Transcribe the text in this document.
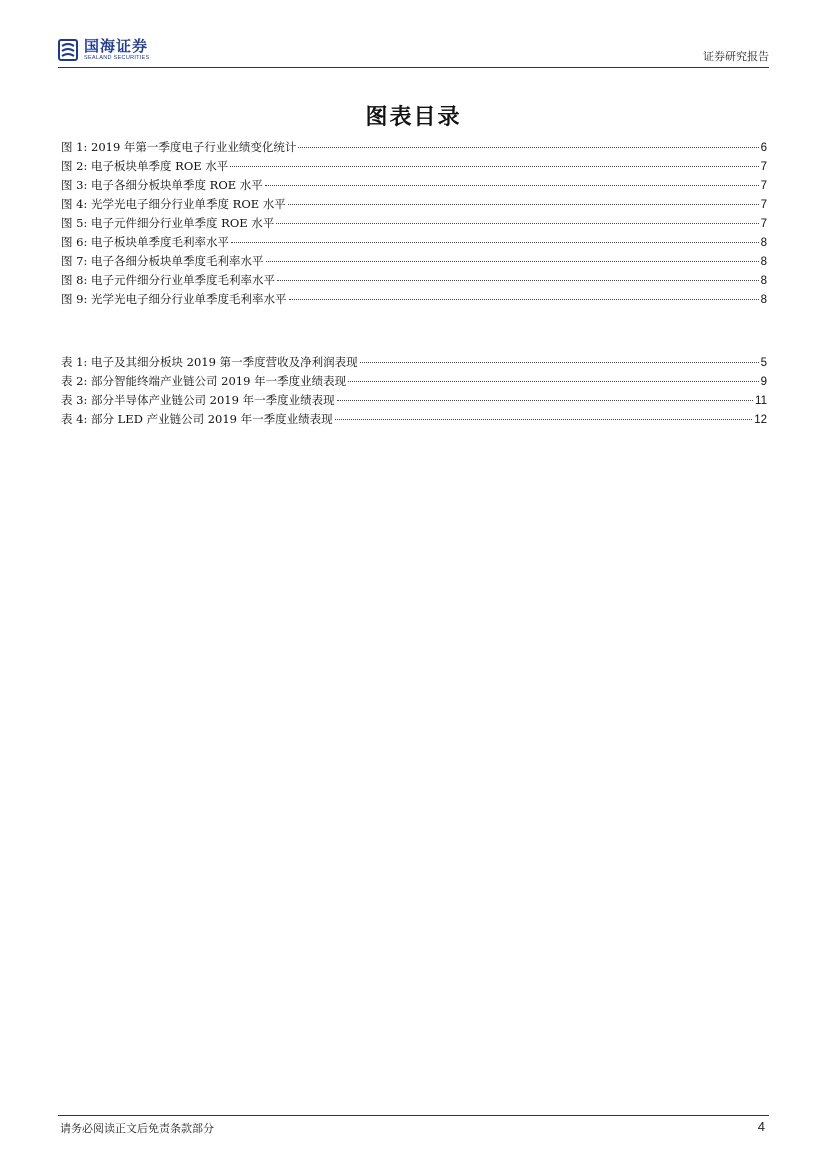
国海证券
SEALAND SECURITIES	证券研究报告
图表目录
图 1: 2019 年第一季度电子行业业绩变化统计	6
图 2: 电子板块单季度 ROE 水平	7
图 3: 电子各细分板块单季度 ROE 水平	7
图 4: 光学光电子细分行业单季度 ROE 水平	7
图 5: 电子元件细分行业单季度 ROE 水平	7
图 6: 电子板块单季度毛利率水平	8
图 7: 电子各细分板块单季度毛利率水平	8
图 8: 电子元件细分行业单季度毛利率水平	8
图 9: 光学光电子细分行业单季度毛利率水平	8
表 1: 电子及其细分板块 2019 第一季度营收及净利润表现	5
表 2: 部分智能终端产业链公司 2019 年一季度业绩表现	9
表 3: 部分半导体产业链公司 2019 年一季度业绩表现	11
表 4: 部分 LED 产业链公司 2019 年一季度业绩表现	12
请务必阅读正文后免责条款部分	4
